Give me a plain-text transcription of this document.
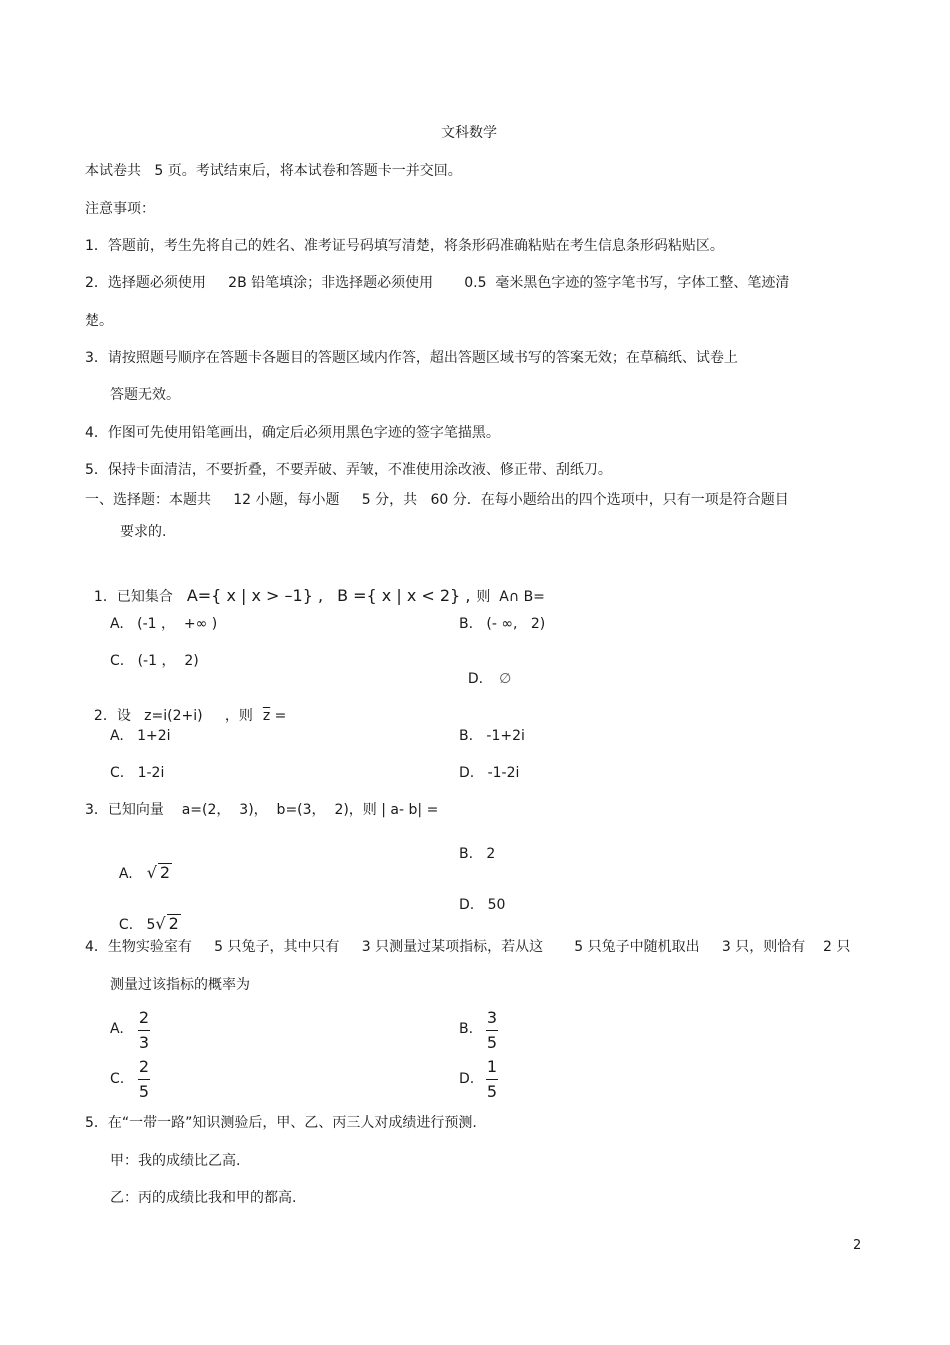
文科数学
本试卷共   5 页。考试结束后，将本试卷和答题卡一并交回。
注意事项：
1．答题前，考生先将自己的姓名、准考证号码填写清楚，将条形码准确粘贴在考生信息条形码粘贴区。
2．选择题必须使用     2B 铅笔填涂；非选择题必须使用       0.5  毫米黑色字迹的签字笔书写，字体工整、笔迹清
楚。
3．请按照题号顺序在答题卡各题目的答题区域内作答，超出答题区域书写的答案无效；在草稿纸、试卷上
答题无效。
4．作图可先使用铅笔画出，确定后必须用黑色字迹的签字笔描黑。
5．保持卡面清洁，不要折叠，不要弄破、弄皱，不准使用涂改液、修正带、刮纸刀。
一、选择题：本题共     12 小题，每小题     5 分，共   60 分．在每小题给出的四个选项中，只有一项是符合题目
要求的.

1．已知集合 A={ x | x > –1} , B ={ x | x < 2} , 则  A∩ B=

A.   (-1 ，  +∞ )	B.   (- ∞,   2)
C.   (-1 ，  2)

D. ∅

2．设   z=i(2+i)     ，则 $\overline{z}$ =

A.   1+2i	B.   -1+2i
C.   1-2i	D.   -1-2i
3．已知向量    a=(2，  3)，  b=(3，  2)，则 | a- b| =

A. √ 2

B.   2

C.   5√ 2

D.   50
4．生物实验室有     5 只兔子，其中只有     3 只测量过某项指标，若从这       5 只兔子中随机取出     3 只，则恰有    2 只
测量过该指标的概率为
A.
2
3
B.
3
5
C.
2
5
D.
1
5
5．在“一带一路”知识测验后，甲、乙、丙三人对成绩进行预测.
甲：我的成绩比乙高.
乙：丙的成绩比我和甲的都高.
2
